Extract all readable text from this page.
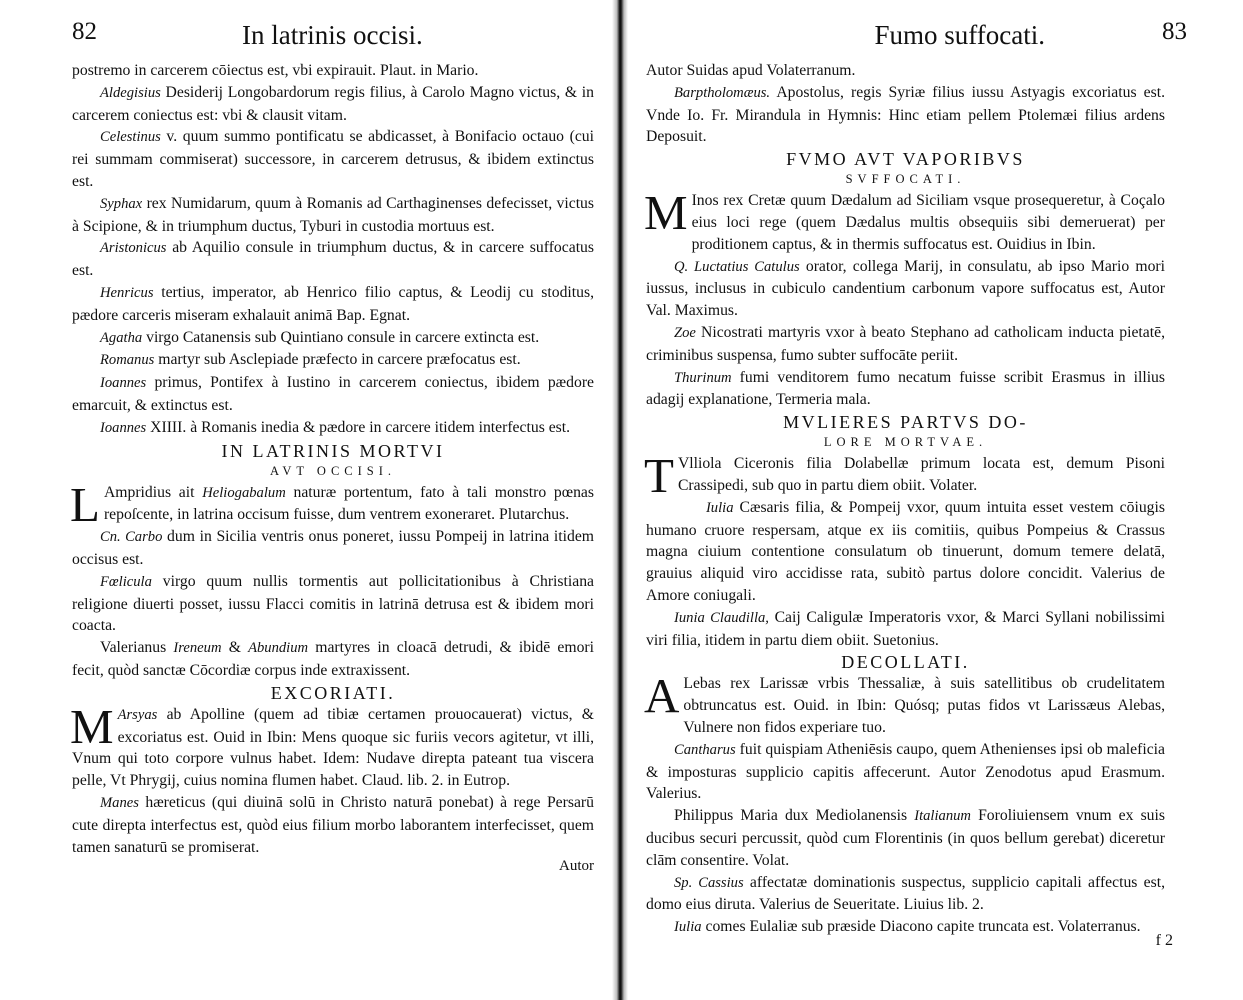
82	In latrinis occisi.

postremo in carcerem cōiectus est, vbi expirauit. Plaut. in Mario.

Aldegisius Desiderij Longobardorum regis filius, à Carolo Magno victus, & in carcerem coniectus est: vbi & clausit vitam.

Celestinus v. quum summo pontificatu se abdicasset, à Bonifacio octauo (cui rei summam commiserat) successore, in carcerem detrusus, & ibidem extinctus est.

Syphax rex Numidarum, quum à Romanis ad Carthaginenses defecisset, victus à Scipione, & in triumphum ductus, Tyburi in custodia mortuus est.

Aristonicus ab Aquilio consule in triumphum ductus, & in carcere suffocatus est.

Henricus tertius, imperator, ab Henrico filio captus, & Leodij cu stoditus, pædore carceris miseram exhalauit animā Bap. Egnat.

Agatha virgo Catanensis sub Quintiano consule in carcere extincta est.

Romanus martyr sub Asclepiade præfecto in carcere præfocatus est.

Ioannes primus, Pontifex à Iustino in carcerem coniectus, ibidem pædore emarcuit, & extinctus est.

Ioannes XIIII. à Romanis inedia & pædore in carcere itidem interfectus est.

IN LATRINIS MORTVI
AVT OCCISI.

L Ampridius ait Heliogabalum naturæ portentum, fato à tali monstro pœnas repoſcente, in latrina occisum fuisse, dum ventrem exoneraret. Plutarchus.

Cn. Carbo dum in Sicilia ventris onus poneret, iussu Pompeij in latrina itidem occisus est.

Fœlicula virgo quum nullis tormentis aut pollicitationibus à Christiana religione diuerti posset, iussu Flacci comitis in latrinā detrusa est & ibidem mori coacta.

Valerianus Ireneum & Abundium martyres in cloacā detrudi, & ibidē emori fecit, quòd sanctæ Cōcordiæ corpus inde extraxissent.

EXCORIATI.

M Arsyas ab Apolline (quem ad tibiæ certamen prouocauerat) victus, & excoriatus est. Ouid in Ibin: Mens quoque sic furiis vecors agitetur, vt illi, Vnum qui toto corpore vulnus habet. Idem: Nudave direpta pateant tua viscera pelle, Vt Phrygij, cuius nomina flumen habet. Claud. lib. 2. in Eutrop.

Manes hæreticus (qui diuinā solū in Christo naturā ponebat) à rege Persarū cute direpta interfectus est, quòd eius filium morbo laborantem interfecisset, quem tamen sanaturū se promiserat.

Autor
Fumo suffocati.	83

Autor Suidas apud Volaterranum.

Barptholomæus. Apostolus, regis Syriæ filius iussu Astyagis excoriatus est. Vnde Io. Fr. Mirandula in Hymnis: Hinc etiam pellem Ptolemæi filius ardens Deposuit.

FVMO AVT VAPORIBVS
SVFFOCATI.

M Inos rex Cretæ quum Dædalum ad Siciliam vsque prosequeretur, à Coçalo eius loci rege (quem Dædalus multis obsequiis sibi demeruerat) per proditionem captus, & in thermis suffocatus est. Ouidius in Ibin.

Q. Luctatius Catulus orator, collega Marij, in consulatu, ab ipso Mario mori iussus, inclusus in cubiculo candentium carbonum vapore suffocatus est, Autor Val. Maximus.

Zoe Nicostrati martyris vxor à beato Stephano ad catholicam inducta pietatē, criminibus suspensa, fumo subter suffocāte periit.

Thurinum fumi venditorem fumo necatum fuisse scribit Erasmus in illius adagij explanatione, Termeria mala.

MVLIERES PARTVS DO-
LORE MORTVAE.

T Vlliola Ciceronis filia Dolabellæ primum locata est, demum Pisoni Crassipedi, sub quo in partu diem obiit. Volater.

Iulia Cæsaris filia, & Pompeij vxor, quum intuita esset vestem cōiugis humano cruore respersam, atque ex iis comitiis, quibus Pompeius & Crassus magna ciuium contentione consulatum ob tinuerunt, domum temere delatā, grauius aliquid viro accidisse rata, subitò partus dolore concidit. Valerius de Amore coniugali.

Iunia Claudilla, Caij Caligulæ Imperatoris vxor, & Marci Syllani nobilissimi viri filia, itidem in partu diem obiit. Suetonius.

DECOLLATI.

A Lebas rex Larissæ vrbis Thessaliæ, à suis satellitibus ob crudelitatem obtruncatus est. Ouid. in Ibin: Quósq; putas fidos vt Larissæus Alebas, Vulnere non fidos experiare tuo.

Cantharus fuit quispiam Atheniēsis caupo, quem Athenienses ipsi ob maleficia & imposturas supplicio capitis affecerunt. Autor Zenodotus apud Erasmum. Valerius.

Philippus Maria dux Mediolanensis Italianum Foroliuiensem vnum ex suis ducibus securi percussit, quòd cum Florentinis (in quos bellum gerebat) diceretur clām consentire. Volat.

Sp. Cassius affectatæ dominationis suspectus, supplicio capitali affectus est, domo eius diruta. Valerius de Seueritate. Liuius lib. 2.

Iulia comes Eulaliæ sub præside Diacono capite truncata est. Volaterranus.

f 2
